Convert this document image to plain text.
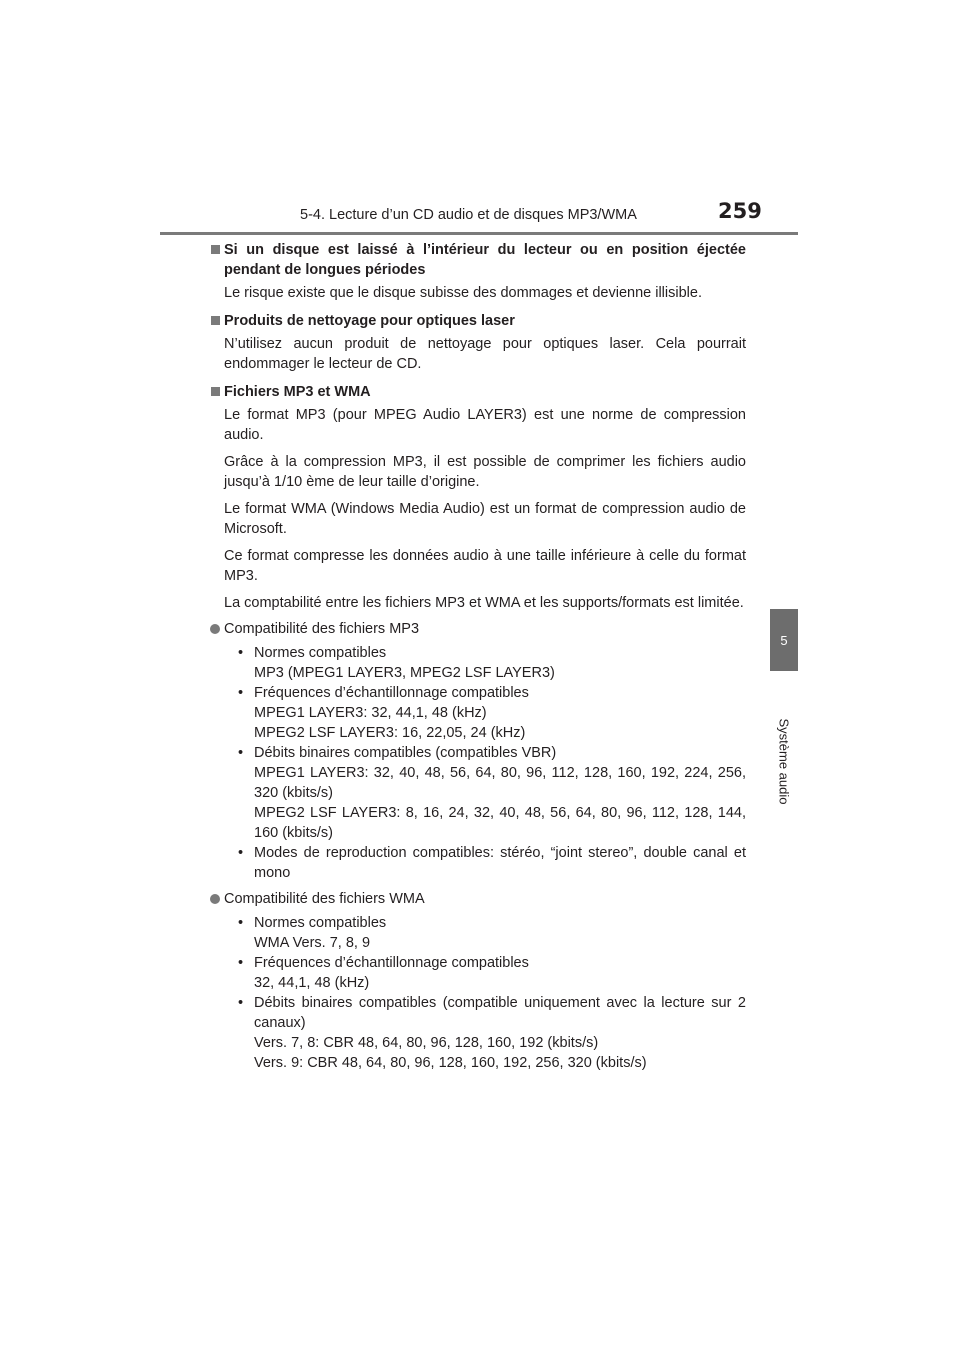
5-4. Lecture d’un CD audio et de disques MP3/WMA	259
5
Système audio
Si un disque est laissé à l’intérieur du lecteur ou en position éjectée pendant de longues périodes
Le risque existe que le disque subisse des dommages et devienne illisible.
Produits de nettoyage pour optiques laser
N’utilisez aucun produit de nettoyage pour optiques laser. Cela pourrait endommager le lecteur de CD.
Fichiers MP3 et WMA
Le format MP3 (pour MPEG Audio LAYER3) est une norme de compression audio.
Grâce à la compression MP3, il est possible de comprimer les fichiers audio jusqu’à 1/10 ème de leur taille d’origine.
Le format WMA (Windows Media Audio) est un format de compression audio de Microsoft.
Ce format compresse les données audio à une taille inférieure à celle du format MP3.
La comptabilité entre les fichiers MP3 et WMA et les supports/formats est limitée.
Compatibilité des fichiers MP3
• Normes compatibles
MP3 (MPEG1 LAYER3, MPEG2 LSF LAYER3)
• Fréquences d’échantillonnage compatibles
MPEG1 LAYER3: 32, 44,1, 48 (kHz)
MPEG2 LSF LAYER3: 16, 22,05, 24 (kHz)
• Débits binaires compatibles (compatibles VBR)
MPEG1 LAYER3: 32, 40, 48, 56, 64, 80, 96, 112, 128, 160, 192, 224, 256, 320 (kbits/s)
MPEG2 LSF LAYER3: 8, 16, 24, 32, 40, 48, 56, 64, 80, 96, 112, 128, 144, 160 (kbits/s)
• Modes de reproduction compatibles: stéréo, “joint stereo”, double canal et mono
Compatibilité des fichiers WMA
• Normes compatibles
WMA Vers. 7, 8, 9
• Fréquences d’échantillonnage compatibles
32, 44,1, 48 (kHz)
• Débits binaires compatibles (compatible uniquement avec la lecture sur 2 canaux)
Vers. 7, 8: CBR 48, 64, 80, 96, 128, 160, 192 (kbits/s)
Vers. 9: CBR 48, 64, 80, 96, 128, 160, 192, 256, 320 (kbits/s)
